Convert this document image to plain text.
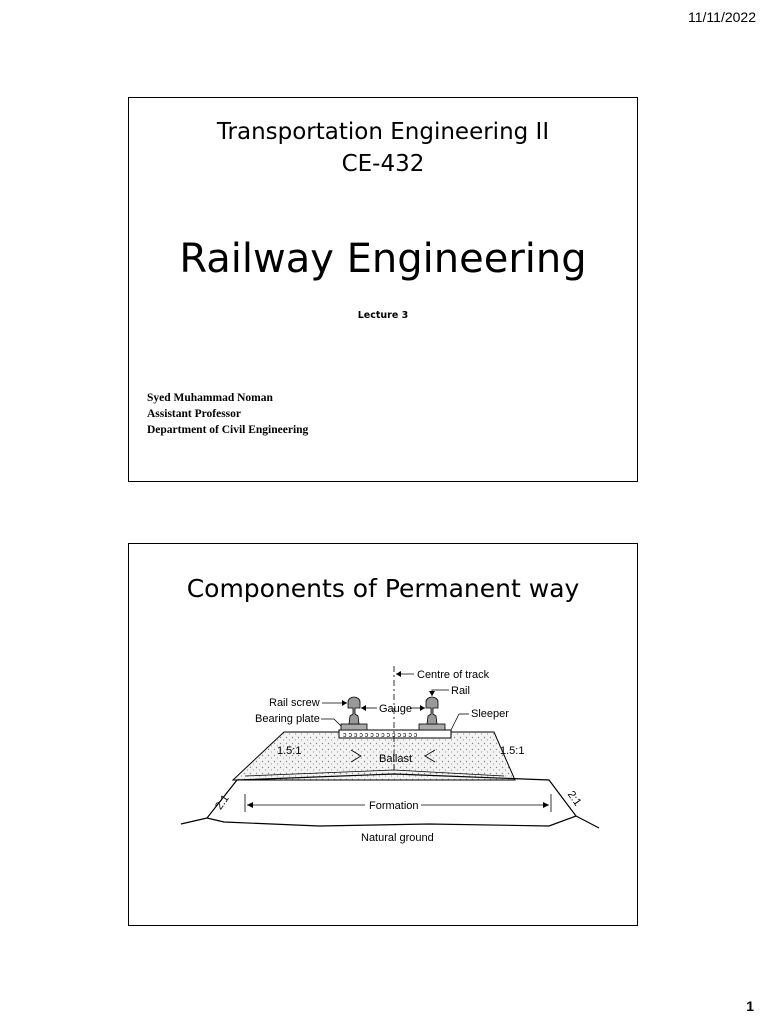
11/11/2022
Transportation Engineering II
CE-432
Railway Engineering
Lecture 3
Syed Muhammad Noman
Assistant Professor
Department of Civil Engineering
Components of Permanent way
ↄ ↄ ↄ ↄ ↄ ↄ ↄ ↄ ↄ ↄ ↄ ↄ ↄ ↄ
Centre of track
Rail
Rail screw	Gauge	Sleeper
Bearing plate
1.5:1	1.5:1
Ballast
2:1	2:1
Formation
Natural ground
1
